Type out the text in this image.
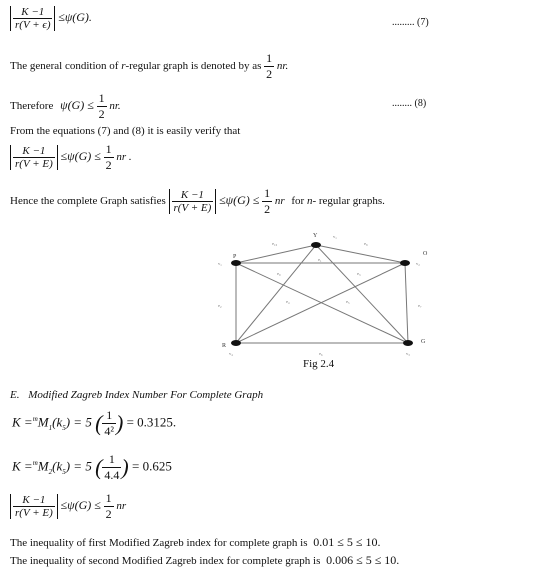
$\frac{K -1}{r(V + \epsilon)} \le\psi(G)$.	......... (7)
The general condition of r-regular graph is denoted by as $\frac{1}{2}$ nr.
Therefore $\psi(G) \le \frac{1}{2}$ nr.	........ (8)
From the equations (7) and (8) it is easily verify that
$\frac{K -1}{r(V + E)} \le\psi(G) \le \frac{1}{2}$ nr .
Hence the complete Graph satisfies $\frac{K -1}{r(V + E)} \le\psi(G) \le \frac{1}{2}$ nr for n- regular graphs.
Y
O
G
R
P
v₁
v₁
v₂
v₃
v₄
e₁₀
e₁
e₈
e₉	e₃
e₄	e₅
e₂	e₇
e₆
Fig 2.4
E. Modified Zagreb Index Number For Complete Graph
$K =^mM_1(k_5) = 5$ ( $\frac{1}{\text{4²}}$ ) = 0.3125.
$K =^mM_2(k_5) = 5$ ( $\frac{1}{4.4}$ ) = 0.625
$\frac{K -1}{r(V + E)} \le\psi(G) \le \frac{1}{2}$ nr
The inequality of first Modified Zagreb index for complete graph is 0.01 ≤ 5 ≤ 10.
The inequality of second Modified Zagreb index for complete graph is 0.006 ≤ 5 ≤ 10.
